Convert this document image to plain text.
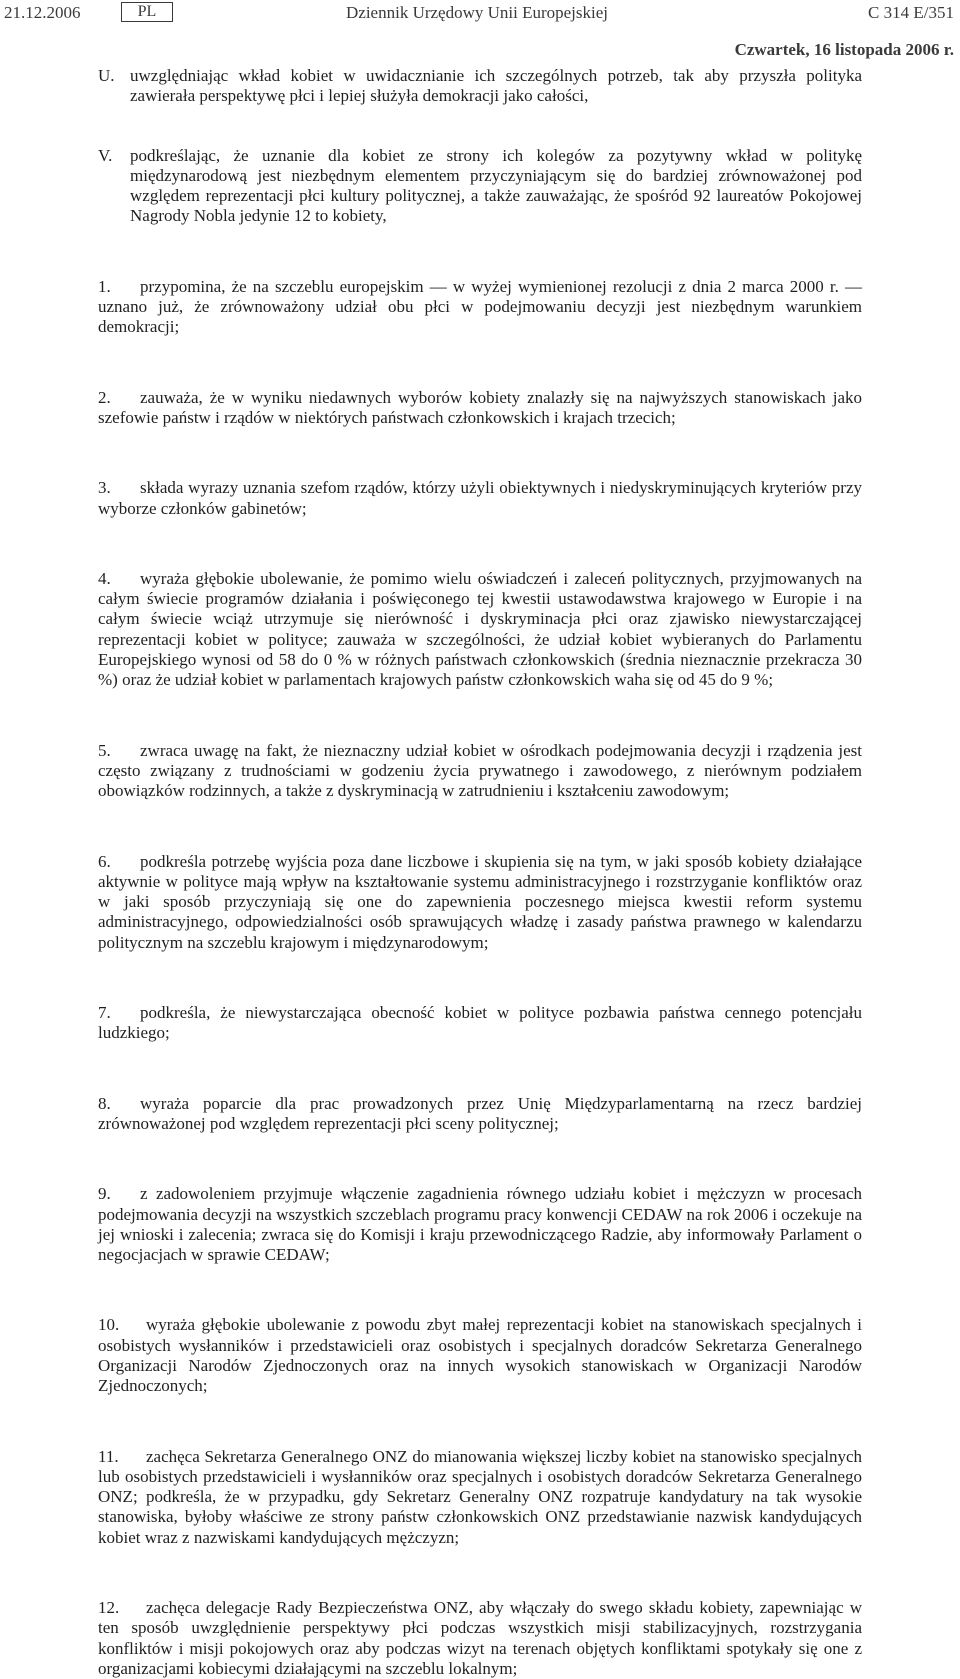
21.12.2006	PL	Dziennik Urzędowy Unii Europejskiej	C 314 E/351
Czwartek, 16 listopada 2006 r.
U. uwzględniając wkład kobiet w uwidacznianie ich szczególnych potrzeb, tak aby przyszła polityka zawierała perspektywę płci i lepiej służyła demokracji jako całości,
V. podkreślając, że uznanie dla kobiet ze strony ich kolegów za pozytywny wkład w politykę międzynarodową jest niezbędnym elementem przyczyniającym się do bardziej zrównoważonej pod względem reprezentacji płci kultury politycznej, a także zauważając, że spośród 92 laureatów Pokojowej Nagrody Nobla jedynie 12 to kobiety,
1. przypomina, że na szczeblu europejskim — w wyżej wymienionej rezolucji z dnia 2 marca 2000 r. — uznano już, że zrównoważony udział obu płci w podejmowaniu decyzji jest niezbędnym warunkiem demokracji;
2. zauważa, że w wyniku niedawnych wyborów kobiety znalazły się na najwyższych stanowiskach jako szefowie państw i rządów w niektórych państwach członkowskich i krajach trzecich;
3. składa wyrazy uznania szefom rządów, którzy użyli obiektywnych i niedyskryminujących kryteriów przy wyborze członków gabinetów;
4. wyraża głębokie ubolewanie, że pomimo wielu oświadczeń i zaleceń politycznych, przyjmowanych na całym świecie programów działania i poświęconego tej kwestii ustawodawstwa krajowego w Europie i na całym świecie wciąż utrzymuje się nierówność i dyskryminacja płci oraz zjawisko niewystarczającej reprezentacji kobiet w polityce; zauważa w szczególności, że udział kobiet wybieranych do Parlamentu Europejskiego wynosi od 58 do 0 % w różnych państwach członkowskich (średnia nieznacznie przekracza 30 %) oraz że udział kobiet w parlamentach krajowych państw członkowskich waha się od 45 do 9 %;
5. zwraca uwagę na fakt, że nieznaczny udział kobiet w ośrodkach podejmowania decyzji i rządzenia jest często związany z trudnościami w godzeniu życia prywatnego i zawodowego, z nierównym podziałem obowiązków rodzinnych, a także z dyskryminacją w zatrudnieniu i kształceniu zawodowym;
6. podkreśla potrzebę wyjścia poza dane liczbowe i skupienia się na tym, w jaki sposób kobiety działające aktywnie w polityce mają wpływ na kształtowanie systemu administracyjnego i rozstrzyganie konfliktów oraz w jaki sposób przyczyniają się one do zapewnienia poczesnego miejsca kwestii reform systemu administracyjnego, odpowiedzialności osób sprawujących władzę i zasady państwa prawnego w kalendarzu politycznym na szczeblu krajowym i międzynarodowym;
7. podkreśla, że niewystarczająca obecność kobiet w polityce pozbawia państwa cennego potencjału ludzkiego;
8. wyraża poparcie dla prac prowadzonych przez Unię Międzyparlamentarną na rzecz bardziej zrównoważonej pod względem reprezentacji płci sceny politycznej;
9. z zadowoleniem przyjmuje włączenie zagadnienia równego udziału kobiet i mężczyzn w procesach podejmowania decyzji na wszystkich szczeblach programu pracy konwencji CEDAW na rok 2006 i oczekuje na jej wnioski i zalecenia; zwraca się do Komisji i kraju przewodniczącego Radzie, aby informowały Parlament o negocjacjach w sprawie CEDAW;
10. wyraża głębokie ubolewanie z powodu zbyt małej reprezentacji kobiet na stanowiskach specjalnych i osobistych wysłanników i przedstawicieli oraz osobistych i specjalnych doradców Sekretarza Generalnego Organizacji Narodów Zjednoczonych oraz na innych wysokich stanowiskach w Organizacji Narodów Zjednoczonych;
11. zachęca Sekretarza Generalnego ONZ do mianowania większej liczby kobiet na stanowisko specjalnych lub osobistych przedstawicieli i wysłanników oraz specjalnych i osobistych doradców Sekretarza Generalnego ONZ; podkreśla, że w przypadku, gdy Sekretarz Generalny ONZ rozpatruje kandydatury na tak wysokie stanowiska, byłoby właściwe ze strony państw członkowskich ONZ przedstawianie nazwisk kandydujących kobiet wraz z nazwiskami kandydujących mężczyzn;
12. zachęca delegacje Rady Bezpieczeństwa ONZ, aby włączały do swego składu kobiety, zapewniając w ten sposób uwzględnienie perspektywy płci podczas wszystkich misji stabilizacyjnych, rozstrzygania konfliktów i misji pokojowych oraz aby podczas wizyt na terenach objętych konfliktami spotykały się one z organizacjami kobiecymi działającymi na szczeblu lokalnym;
